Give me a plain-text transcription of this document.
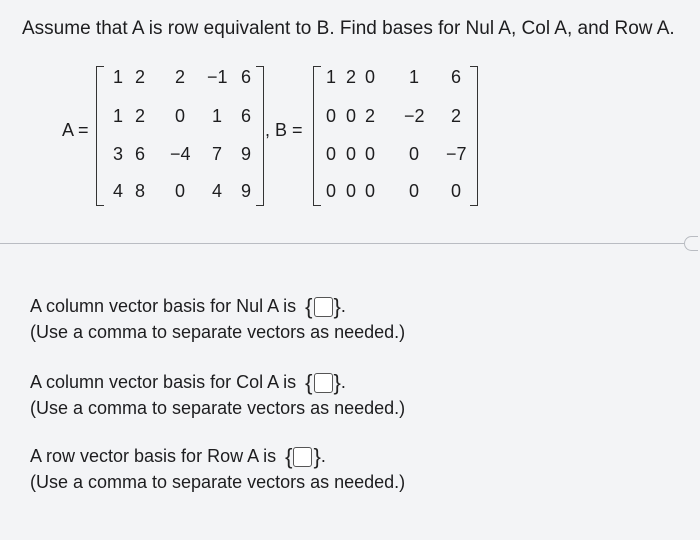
Assume that A is row equivalent to B. Find bases for Nul A, Col A, and Row A.
A =
1 2 2 −1 6
1 2 0 1 6
3 6 −4 7 9
4 8 0 4 9
, B =
1 2 0 1 6
0 0 2 −2 2
0 0 0 0 −7
0 0 0 0 0
A column vector basis for Nul A is { } .
(Use a comma to separate vectors as needed.)
A column vector basis for Col A is { } .
(Use a comma to separate vectors as needed.)
A row vector basis for Row A is { } .
(Use a comma to separate vectors as needed.)
